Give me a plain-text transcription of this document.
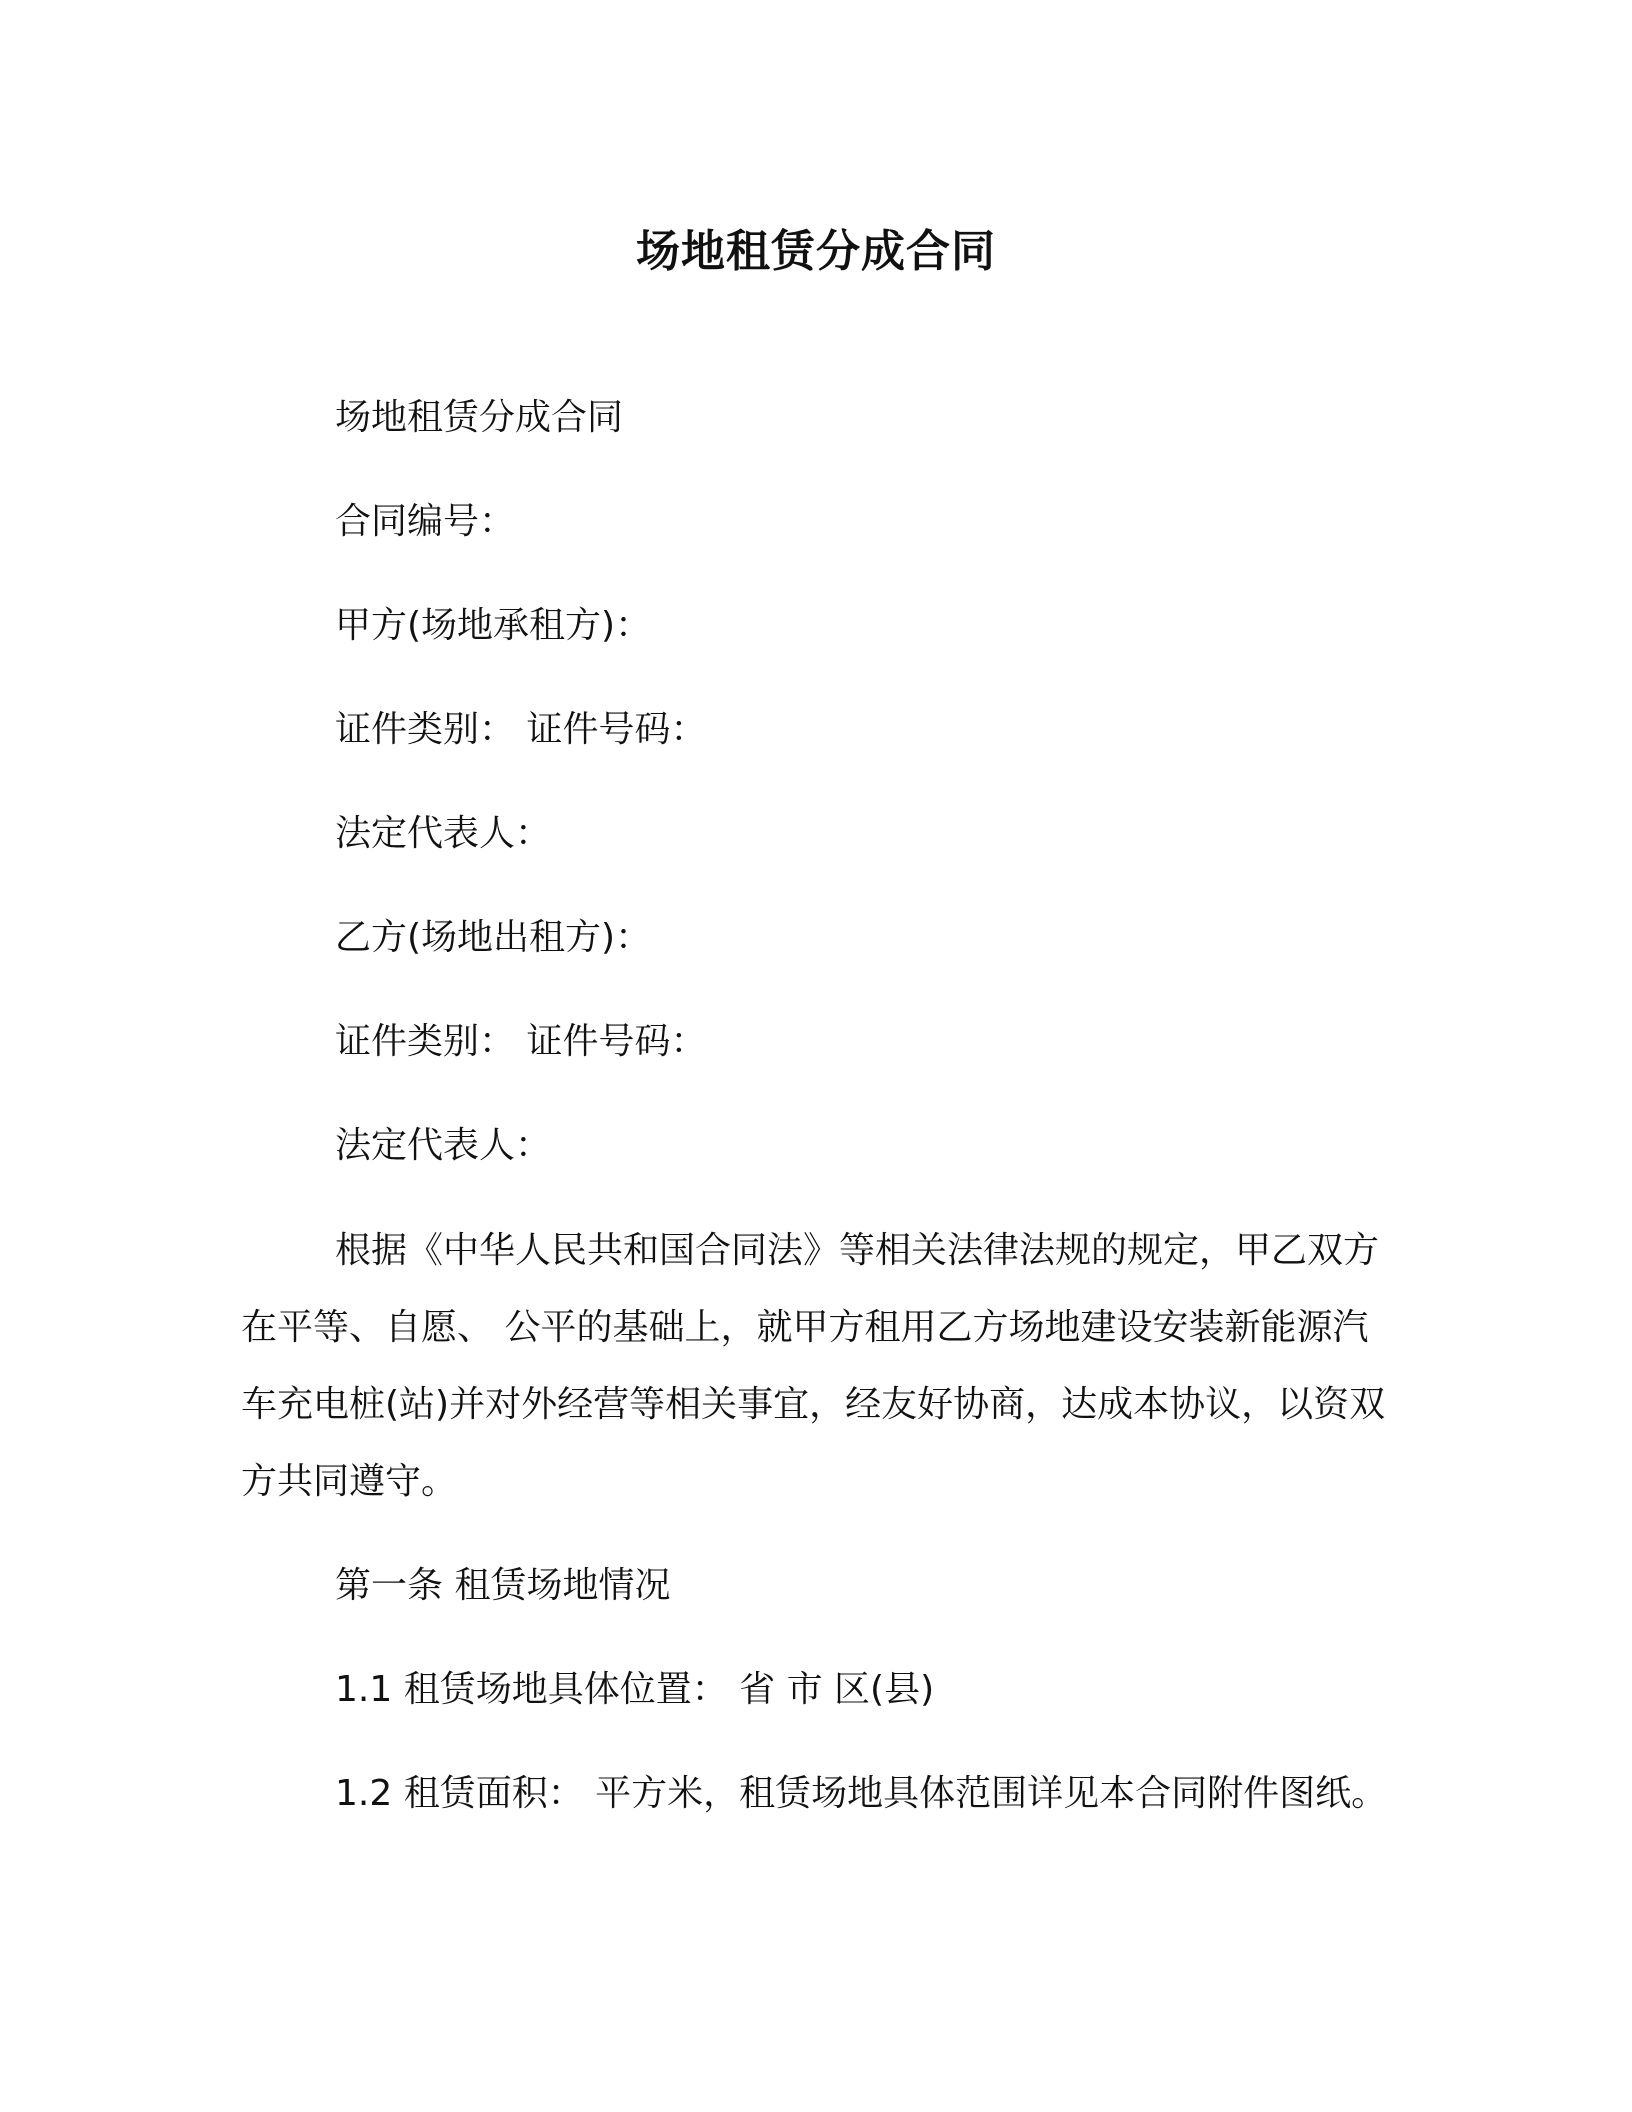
场地租赁分成合同
场地租赁分成合同
合同编号：
甲方(场地承租方)：
证件类别： 证件号码：
法定代表人：
乙方(场地出租方)：
证件类别： 证件号码：
法定代表人：
根据《中华人民共和国合同法》等相关法律法规的规定，甲乙双方在平等、自愿、 公平的基础上，就甲方租用乙方场地建设安装新能源汽车充电桩(站)并对外经营等相关事宜，经友好协商，达成本协议，以资双方共同遵守。
第一条 租赁场地情况
1.1 租赁场地具体位置： 省 市 区(县)
1.2 租赁面积： 平方米，租赁场地具体范围详见本合同附件图纸。
